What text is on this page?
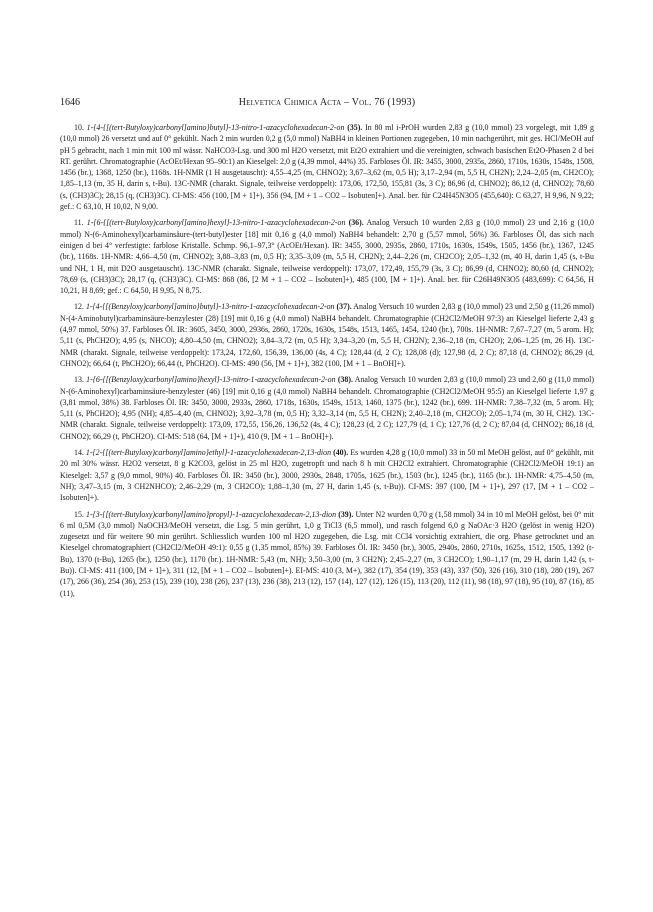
1646	Helvetica Chimica Acta – Vol. 76 (1993)

10. 1-{4-{[(tert-Butyloxy)carbonyl]amino}butyl}-13-nitro-1-azacyclohexadecan-2-on (35). In 80 ml i-PrOH wurden 2,83 g (10,0 mmol) 23 vorgelegt, mit 1,89 g (10,0 mmol) 26 versetzt und auf 0° gekühlt. Nach 2 min wurden 0,2 g (5,0 mmol) NaBH4 in kleinen Portionen zugegeben, 10 min nachgerührt, mit ges. HCl/MeOH auf pH 5 gebracht, nach 1 min mit 100 ml wässr. NaHCO3-Lsg. und 300 ml H2O versetzt, mit Et2O extrahiert und die vereinigten, schwach basischen Et2O-Phasen 2 d bei RT. gerührt. Chromatographie (AcOEt/Hexan 95–90:1) an Kieselgel: 2,0 g (4,39 mmol, 44%) 35. Farbloses Öl. IR: 3455, 3000, 2935s, 2860, 1710s, 1630s, 1548s, 1508, 1456 (br.), 1368, 1250 (br.), 1168s. 1H-NMR (1 H ausgetauscht): 4,55–4,25 (m, CHNO2); 3,67–3,62 (m, 0,5 H); 3,17–2,94 (m, 5,5 H, CH2N); 2,24–2,05 (m, CH2CO); 1,85–1,13 (m, 35 H, darin s, t-Bu). 13C-NMR (charakt. Signale, teilweise verdoppelt): 173,06, 172,50, 155,81 (3s, 3 C); 86,96 (d, CHNO2); 86,12 (d, CHNO2); 78,60 (s, (CH3)3C); 28,15 (q, (CH3)3C). CI-MS: 456 (100, [M + 1]+), 356 (94, [M + 1 – CO2 – Isobuten]+). Anal. ber. für C24H45N3O5 (455,640): C 63,27, H 9,96, N 9,22; gef.: C 63,10, H 10,02, N 9,00.

11. 1-{6-{[(tert-Butyloxy)carbonyl]amino}hexyl}-13-nitro-1-azacyclohexadecan-2-on (36). Analog Versuch 10 wurden 2,83 g (10,0 mmol) 23 und 2,16 g (10,0 mmol) N-(6-Aminohexyl)carbaminsäure-(tert-butyl)ester [18] mit 0,16 g (4,0 mmol) NaBH4 behandelt: 2,70 g (5,57 mmol, 56%) 36. Farbloses Öl, das sich nach einigen d bei 4° verfestigte: farblose Kristalle. Schmp. 96,1–97,3° (AcOEt/Hexan). IR: 3455, 3000, 2935s, 2860, 1710s, 1630s, 1549s, 1505, 1456 (br.), 1367, 1245 (br.), 1168s. 1H-NMR: 4,66–4,50 (m, CHNO2); 3,88–3,83 (m, 0,5 H); 3,35–3,09 (m, 5,5 H, CH2N); 2,44–2,26 (m, CH2CO); 2,05–1,32 (m, 40 H, darin 1,45 (s, t-Bu und NH, 1 H, mit D2O ausgetauscht). 13C-NMR (charakt. Signale, teilweise verdoppelt): 173,07, 172,49, 155,79 (3s, 3 C); 86,99 (d, CHNO2); 80,60 (d, CHNO2); 78,69 (s, (CH3)3C); 28,17 (q, (CH3)3C). CI-MS: 868 (86, [2 M + 1 – CO2 – Isobuten]+), 485 (100, [M + 1]+). Anal. ber. für C26H49N3O5 (483,699): C 64,56, H 10,21, H 8,69; gef.: C 64,50, H 9,95, N 8,75.

12. 1-{4-{[(Benzyloxy)carbonyl]amino}butyl}-13-nitro-1-azacyclohexadecan-2-on (37). Analog Versuch 10 wurden 2,83 g (10,0 mmol) 23 und 2,50 g (11,26 mmol) N-(4-Aminobutyl)carbaminsäure-benzylester (28) [19] mit 0,16 g (4,0 mmol) NaBH4 behandelt. Chromatographie (CH2Cl2/MeOH 97:3) an Kieselgel lieferte 2,43 g (4,97 mmol, 50%) 37. Farbloses Öl. IR: 3605, 3450, 3000, 2936s, 2860, 1720s, 1630s, 1548s, 1513, 1465, 1454, 1240 (br.), 700s. 1H-NMR: 7,67–7,27 (m, 5 arom. H); 5,11 (s, PhCH2O); 4,95 (s, NHCO); 4,80–4,50 (m, CHNO2); 3,84–3,72 (m, 0,5 H); 3,34–3,20 (m, 5,5 H, CH2N); 2,36–2,18 (m, CH2O); 2,06–1,25 (m, 26 H). 13C-NMR (charakt. Signale, teilweise verdoppelt): 173,24, 172,60, 156,39, 136,00 (4s, 4 C); 128,44 (d, 2 C); 128,08 (d); 127,98 (d, 2 C); 87,18 (d, CHNO2); 86,29 (d, CHNO2); 66,64 (t, PhCH2O); 66,44 (t, PhCH2O). CI-MS: 490 (56, [M + 1]+), 382 (100, [M + 1 – BnOH]+).

13. 1-{6-{[(Benzyloxy)carbonyl]amino}hexyl}-13-nitro-1-azacyclohexadecan-2-on (38). Analog Versuch 10 wurden 2,83 g (10,0 mmol) 23 und 2,60 g (11,0 mmol) N-(6-Aminohexyl)carbaminsäure-benzylester (46) [19] mit 0,16 g (4,0 mmol) NaBH4 behandelt. Chromatographie (CH2Cl2/MeOH 95:5) an Kieselgel lieferte 1,97 g (3,81 mmol, 38%) 38. Farbloses Öl. IR: 3450, 3000, 2933s, 2860, 1718s, 1630s, 1549s, 1513, 1460, 1375 (br.), 1242 (br.), 699. 1H-NMR: 7,38–7,32 (m, 5 arom. H); 5,11 (s, PhCH2O); 4,95 (NH); 4,85–4,40 (m, CHNO2); 3,92–3,78 (m, 0,5 H); 3,32–3,14 (m, 5,5 H, CH2N); 2,40–2,18 (m, CH2CO); 2,05–1,74 (m, 30 H, CH2). 13C-NMR (charakt. Signale, teilweise verdoppelt): 173,09, 172,55, 156,26, 136,52 (4s, 4 C); 128,23 (d, 2 C); 127,79 (d, 1 C); 127,76 (d, 2 C); 87,04 (d, CHNO2); 86,18 (d, CHNO2); 66,29 (t, PhCH2O). CI-MS: 518 (64, [M + 1]+), 410 (9, [M + 1 – BnOH]+).

14. 1-{2-{[(tert-Butyloxy)carbonyl]amino}ethyl}-1-azacyclohexadecan-2,13-dion (40). Es wurden 4,28 g (10,0 mmol) 33 in 50 ml MeOH gelöst, auf 0° gekühlt, mit 20 ml 30% wässr. H2O2 versetzt, 8 g K2CO3, gelöst in 25 ml H2O, zugetropft und nach 8 h mit CH2Cl2 extrahiert. Chromatographie (CH2Cl2/MeOH 19:1) an Kieselgel: 3,57 g (9,0 mmol, 90%) 40. Farbloses Öl. IR: 3450 (br.), 3000, 2930s, 2848, 1705s, 1625 (br.), 1503 (br.), 1245 (br.), 1165 (br.). 1H-NMR: 4,75–4,50 (m, NH); 3,47–3,15 (m, 3 CH2NHCO); 2,46–2,29 (m, 3 CH2CO); 1,88–1,30 (m, 27 H, darin 1,45 (s, t-Bu)). CI-MS: 397 (100, [M + 1]+), 297 (17, [M + 1 – CO2 – Isobuten]+).

15. 1-{3-{[(tert-Butyloxy)carbonyl]amino}propyl}-1-azacyclohexadecan-2,13-dion (39). Unter N2 wurden 0,70 g (1,58 mmol) 34 in 10 ml MeOH gelöst, bei 0° mit 6 ml 0,5M (3,0 mmol) NaOCH3/MeOH versetzt, die Lsg. 5 min gerührt, 1,0 g TiCl3 (6,5 mmol), und rasch folgend 6,0 g NaOAc·3 H2O (gelöst in wenig H2O) zugesetzt und für weitere 90 min gerührt. Schliesslich wurden 100 ml H2O zugegeben, die Lsg. mit CCl4 vorsichtig extrahiert, die org. Phase getrocknet und an Kieselgel chromatographiert (CH2Cl2/MeOH 49:1): 0,55 g (1,35 mmol, 85%) 39. Farbloses Öl. IR: 3450 (br.), 3005, 2940s, 2860, 2710s, 1625s, 1512, 1505, 1392 (t-Bu), 1370 (t-Bu), 1265 (br.), 1250 (br.), 1170 (br.). 1H-NMR: 5,43 (m, NH); 3,50–3,00 (m, 3 CH2N); 2,45–2,27 (m, 3 CH2CO); 1,90–1,17 (m, 29 H, darin 1,42 (s, t-Bu)). CI-MS: 411 (100, [M + 1]+), 311 (12, [M + 1 – CO2 – Isobuten]+). EI-MS: 410 (3, M+), 382 (17), 354 (19), 353 (43), 337 (50), 326 (16), 310 (18), 280 (19), 267 (17), 266 (36), 254 (36), 253 (15), 239 (10), 238 (26), 237 (13), 236 (38), 213 (12), 157 (14), 127 (12), 126 (15), 113 (20), 112 (11), 98 (18), 97 (18), 95 (10), 87 (16), 85 (11),
